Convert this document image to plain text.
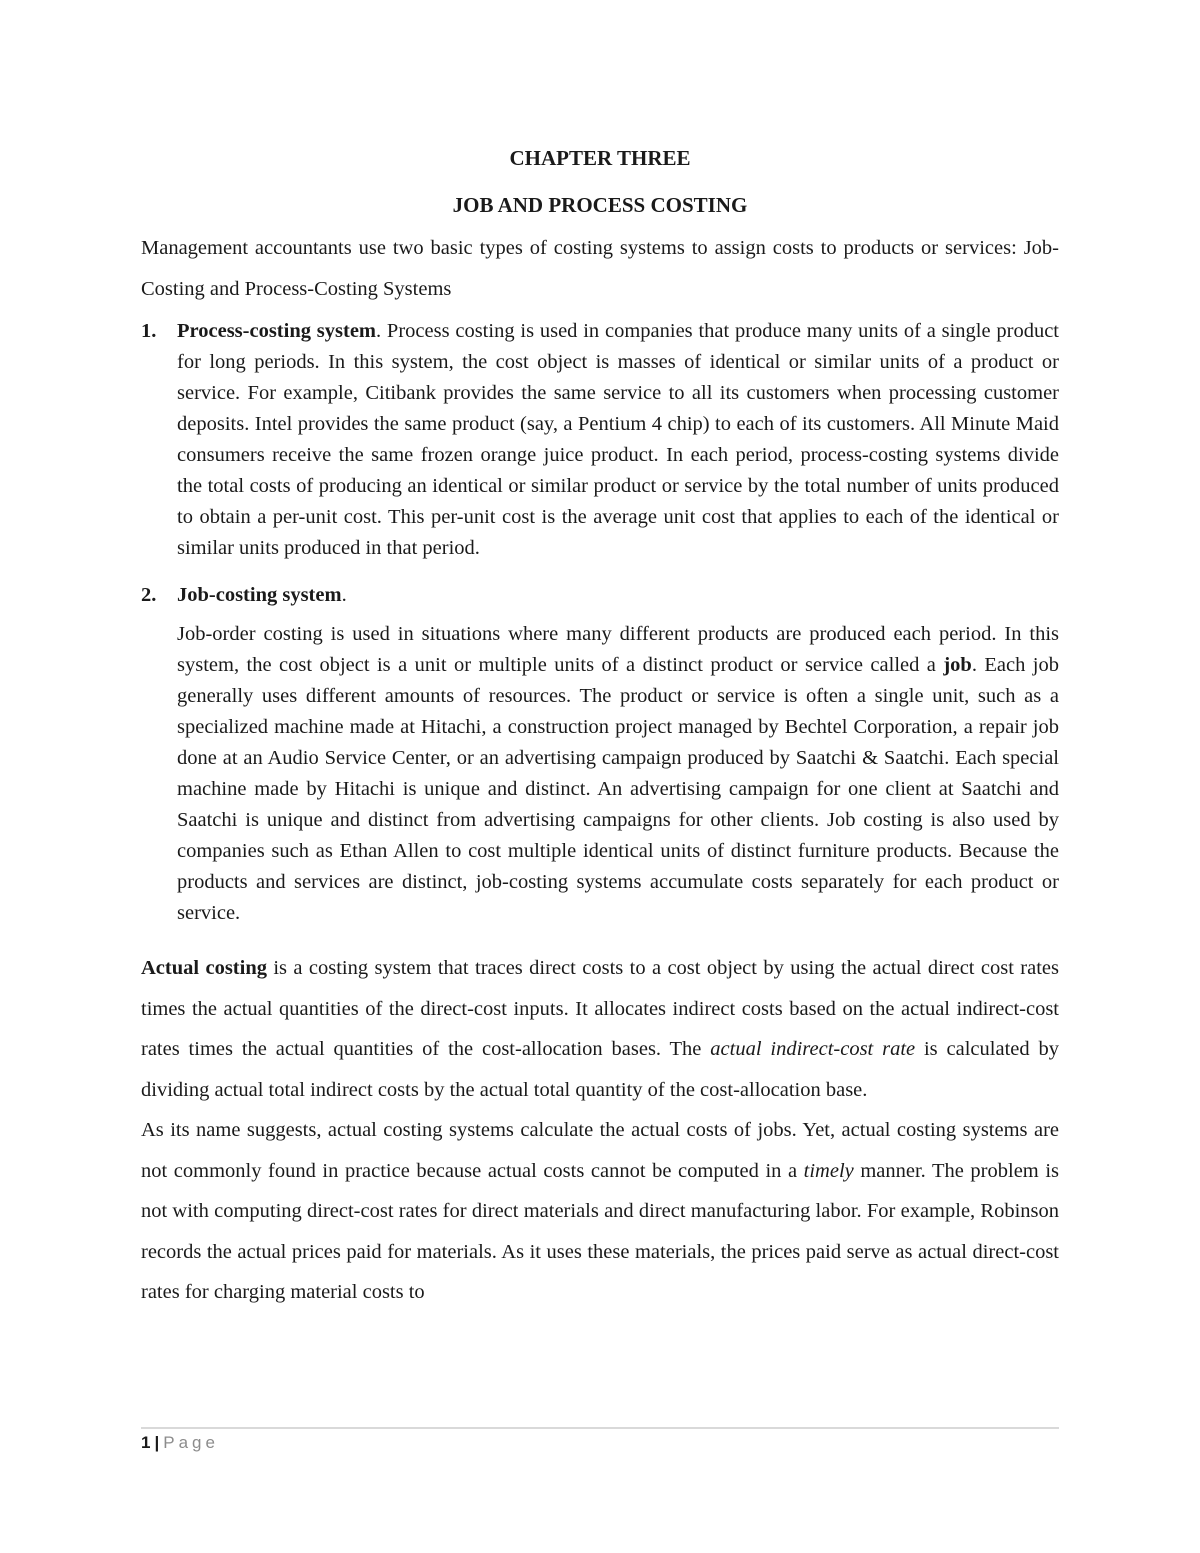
CHAPTER THREE
JOB AND PROCESS COSTING

Management accountants use two basic types of costing systems to assign costs to products or services: Job-Costing and Process-Costing Systems

1. Process-costing system. Process costing is used in companies that produce many units of a single product for long periods. In this system, the cost object is masses of identical or similar units of a product or service. For example, Citibank provides the same service to all its customers when processing customer deposits. Intel provides the same product (say, a Pentium 4 chip) to each of its customers. All Minute Maid consumers receive the same frozen orange juice product. In each period, process-costing systems divide the total costs of producing an identical or similar product or service by the total number of units produced to obtain a per-unit cost. This per-unit cost is the average unit cost that applies to each of the identical or similar units produced in that period.
2. Job-costing system.
Job-order costing is used in situations where many different products are produced each period. In this system, the cost object is a unit or multiple units of a distinct product or service called a job. Each job generally uses different amounts of resources. The product or service is often a single unit, such as a specialized machine made at Hitachi, a construction project managed by Bechtel Corporation, a repair job done at an Audio Service Center, or an advertising campaign produced by Saatchi & Saatchi. Each special machine made by Hitachi is unique and distinct. An advertising campaign for one client at Saatchi and Saatchi is unique and distinct from advertising campaigns for other clients. Job costing is also used by companies such as Ethan Allen to cost multiple identical units of distinct furniture products. Because the products and services are distinct, job-costing systems accumulate costs separately for each product or service.

Actual costing is a costing system that traces direct costs to a cost object by using the actual direct cost rates times the actual quantities of the direct-cost inputs. It allocates indirect costs based on the actual indirect-cost rates times the actual quantities of the cost-allocation bases. The actual indirect-cost rate is calculated by dividing actual total indirect costs by the actual total quantity of the cost-allocation base.

As its name suggests, actual costing systems calculate the actual costs of jobs. Yet, actual costing systems are not commonly found in practice because actual costs cannot be computed in a timely manner. The problem is not with computing direct-cost rates for direct materials and direct manufacturing labor. For example, Robinson records the actual prices paid for materials. As it uses these materials, the prices paid serve as actual direct-cost rates for charging material costs to

1 | Page
